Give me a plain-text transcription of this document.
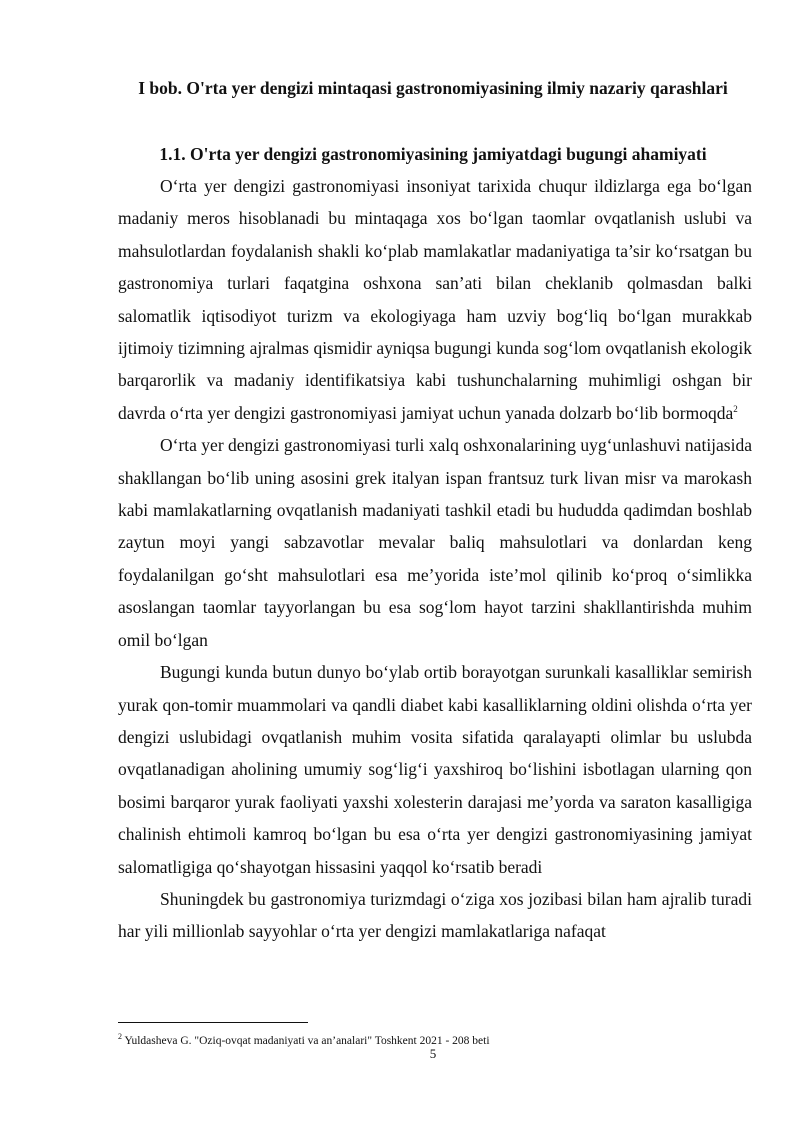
I bob. O'rta yer dengizi mintaqasi gastronomiyasining ilmiy nazariy qarashlari
1.1. O'rta yer dengizi gastronomiyasining jamiyatdagi bugungi ahamiyati

O‘rta yer dengizi gastronomiyasi insoniyat tarixida chuqur ildizlarga ega bo‘lgan madaniy meros hisoblanadi bu mintaqaga xos bo‘lgan taomlar ovqatlanish uslubi va mahsulotlardan foydalanish shakli ko‘plab mamlakatlar madaniyatiga ta’sir ko‘rsatgan bu gastronomiya turlari faqatgina oshxona san’ati bilan cheklanib qolmasdan balki salomatlik iqtisodiyot turizm va ekologiyaga ham uzviy bog‘liq bo‘lgan murakkab ijtimoiy tizimning ajralmas qismidir ayniqsa bugungi kunda sog‘lom ovqatlanish ekologik barqarorlik va madaniy identifikatsiya kabi tushunchalarning muhimligi oshgan bir davrda o‘rta yer dengizi gastronomiyasi jamiyat uchun yanada dolzarb bo‘lib bormoqda$^2$

O‘rta yer dengizi gastronomiyasi turli xalq oshxonalarining uyg‘unlashuvi natijasida shakllangan bo‘lib uning asosini grek italyan ispan frantsuz turk livan misr va marokash kabi mamlakatlarning ovqatlanish madaniyati tashkil etadi bu hududda qadimdan boshlab zaytun moyi yangi sabzavotlar mevalar baliq mahsulotlari va donlardan keng foydalanilgan go‘sht mahsulotlari esa me’yorida iste’mol qilinib ko‘proq o‘simlikka asoslangan taomlar tayyorlangan bu esa sog‘lom hayot tarzini shakllantirishda muhim omil bo‘lgan

Bugungi kunda butun dunyo bo‘ylab ortib borayotgan surunkali kasalliklar semirish yurak qon-tomir muammolari va qandli diabet kabi kasalliklarning oldini olishda o‘rta yer dengizi uslubidagi ovqatlanish muhim vosita sifatida qaralayapti olimlar bu uslubda ovqatlanadigan aholining umumiy sog‘lig‘i yaxshiroq bo‘lishini isbotlagan ularning qon bosimi barqaror yurak faoliyati yaxshi xolesterin darajasi me’yorda va saraton kasalligiga chalinish ehtimoli kamroq bo‘lgan bu esa o‘rta yer dengizi gastronomiyasining jamiyat salomatligiga qo‘shayotgan hissasini yaqqol ko‘rsatib beradi

Shuningdek bu gastronomiya turizmdagi o‘ziga xos jozibasi bilan ham ajralib turadi har yili millionlab sayyohlar o‘rta yer dengizi mamlakatlariga nafaqat

$^2$ Yuldasheva G. "Oziq-ovqat madaniyati va an’analari" Toshkent 2021 - 208 beti
5
